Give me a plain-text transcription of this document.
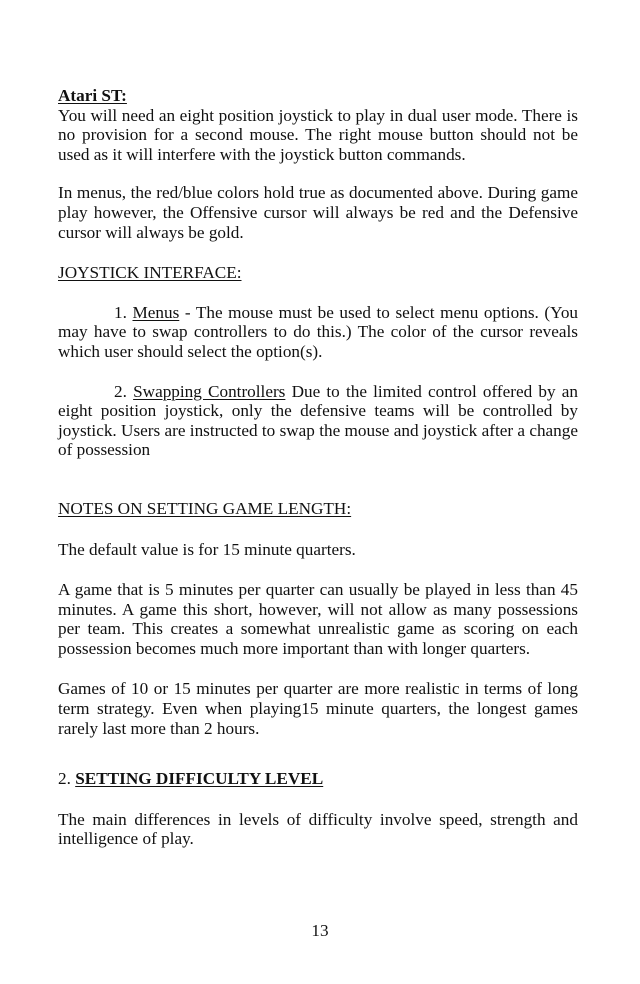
Atari ST:

You will need an eight position joystick to play in dual user mode. There is no provision for a second mouse. The right mouse button should not be used as it will interfere with the joystick button commands.

In menus, the red/blue colors hold true as documented above. During game play however, the Offensive cursor will always be red and the Defensive cursor will always be gold.

JOYSTICK INTERFACE:

1. Menus - The mouse must be used to select menu options. (You may have to swap controllers to do this.) The color of the cursor reveals which user should select the option(s).

2. Swapping Controllers Due to the limited control offered by an eight position joystick, only the defensive teams will be controlled by joystick. Users are instructed to swap the mouse and joystick after a change of possession

NOTES ON SETTING GAME LENGTH:

The default value is for 15 minute quarters.

A game that is 5 minutes per quarter can usually be played in less than 45 minutes. A game this short, however, will not allow as many possessions per team. This creates a somewhat unrealistic game as scoring on each possession becomes much more important than with longer quarters.

Games of 10 or 15 minutes per quarter are more realistic in terms of long term strategy. Even when playing15 minute quarters, the longest games rarely last more than 2 hours.

2. SETTING DIFFICULTY LEVEL

The main differences in levels of difficulty involve speed, strength and intelligence of play.

13
